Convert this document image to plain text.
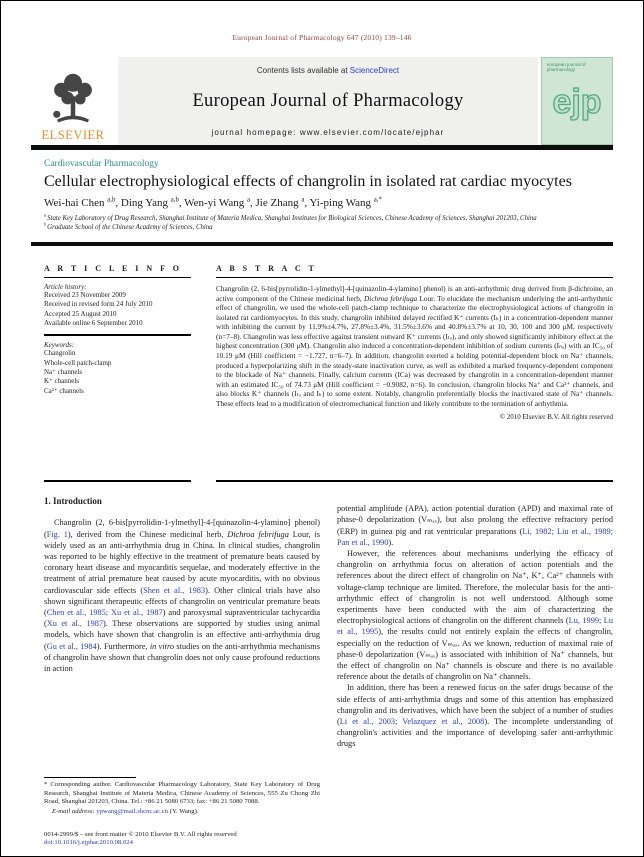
European Journal of Pharmacology 647 (2010) 139–146
ELSEVIER
Contents lists available at ScienceDirect
European Journal of Pharmacology
journal homepage: www.elsevier.com/locate/ejphar
european journal of pharmacology
ejp
Cardiovascular Pharmacology
Cellular electrophysiological effects of changrolin in isolated rat cardiac myocytes
Wei-hai Chen $^{a,b}$, Ding Yang $^{a,b}$, Wen-yi Wang $^a$, Jie Zhang $^a$, Yi-ping Wang $^{a,*}$
$^a$ State Key Laboratory of Drug Research, Shanghai Institute of Materia Medica, Shanghai Institutes for Biological Sciences, Chinese Academy of Sciences, Shanghai 201203, China
$^b$ Graduate School of the Chinese Academy of Sciences, China
A R T I C L E I N F O
Article history:
Received 23 November 2009
Received in revised form 24 July 2010
Accepted 25 August 2010
Available online 6 September 2010
Keywords:
Changrolin
Whole-cell patch-clamp
Na⁺ channels
K⁺ channels
Ca²⁺ channels
A B S T R A C T
Changrolin (2, 6-bis[pyrrolidin-1-ylmethyl]-4-[quinazolin-4-ylamino] phenol) is an anti-arrhythmic drug derived from β-dichroine, an active component of the Chinese medicinal herb, Dichroa febrifuga Lour. To elucidate the mechanism underlying the anti-arrhythmic effect of changrolin, we used the whole-cell patch-clamp technique to characterize the electrophysiological actions of changrolin in isolated rat cardiomyocytes. In this study, changrolin inhibited delayed rectified K⁺ currents (Iₖ) in a concentration-dependent manner with inhibiting the current by 11.9%±4.7%, 27.8%±3.4%, 31.5%±3.6% and 40.8%±3.7% at 10, 30, 100 and 300 μM, respectively (n=7–8). Changrolin was less effective against transient outward K⁺ currents (Iₜₒ), and only showed significantly inhibitory effect at the highest concentration (300 μM). Changrolin also induced a concentration-dependent inhibition of sodium currents (Iₙₐ) with an IC₅₀ of 10.19 μM (Hill coefficient = −1.727, n=6–7). In addition, changrolin exerted a holding potential-dependent block on Na⁺ channels, produced a hyperpolarizing shift in the steady-state inactivation curve, as well as exhibited a marked frequency-dependent component to the blockade of Na⁺ channels. Finally, calcium currents (ICa) was decreased by changrolin in a concentration-dependent manner with an estimated IC₅₀ of 74.73 μM (Hill coefficient = −0.9082, n=6). In conclusion, changrolin blocks Na⁺ and Ca²⁺ channels, and also blocks K⁺ channels (Iₜₒ and Iₖ) to some extent. Notably, changrolin preferentially blocks the inactivated state of Na⁺ channels. These effects lead to a modification of electromechanical function and likely contribute to the termination of arrhythmia.
© 2010 Elsevier B.V. All rights reserved
1. Introduction
Changrolin (2, 6-bis[pyrrolidin-1-ylmethyl]-4-[quinazolin-4-ylamino] phenol) (Fig. 1), derived from the Chinese medicinal herb, Dichroa febrifuga Lour, is widely used as an anti-arrhythmia drug in China. In clinical studies, changrolin was reported to be highly effective in the treatment of premature beats caused by coronary heart disease and myocarditis sequelae, and moderately effective in the treatment of atrial premature beat caused by acute myocarditis, with no obvious cardiovascular side effects (Shen et al., 1983). Other clinical trials have also shown significant therapeutic effects of changrolin on ventricular premature beats (Chen et al., 1985; Xu et al., 1987) and paroxysmal supraventricular tachycardia (Xu et al., 1987). These observations are supported by studies using animal models, which have shown that changrolin is an effective anti-arrhythmia drug (Gu et al., 1984). Furthermore, in vitro studies on the anti-arrhythmia mechanisms of changrolin have shown that changrolin does not only cause profound reductions in action
* Corresponding author. Cardiovascular Pharmacology Laboratory, State Key Laboratory of Drug Research, Shanghai Institute of Materia Medica, Chinese Academy of Sciences, 555 Zu Chong Zhi Road, Shanghai 201203, China. Tel.: +86 21 5080 6733; fax: +86 21 5080 7088.
E-mail address: ypwang@mail.shcnc.ac.cn (Y. Wang).
0014-2999/$ – see front matter © 2010 Elsevier B.V. All rights reserved
doi:10.1016/j.ejphar.2010.08.024
potential amplitude (APA), action potential duration (APD) and maximal rate of phase-0 depolarization (Vₘₐₓ), but also prolong the effective refractory period (ERP) in guinea pig and rat ventricular preparations (Li, 1982; Liu et al., 1989; Pan et al., 1990).
However, the references about mechanisms underlying the efficacy of changrolin on arrhythmia focus on alteration of action potentials and the references about the direct effect of changrolin on Na⁺, K⁺, Ca²⁺ channels with voltage-clamp technique are limited. Therefore, the molecular basis for the anti-arrhythmic effect of changrolin is not well understood. Although some experiments have been conducted with the aim of characterizing the electrophysiological actions of changrolin on the different channels (Lu, 1999; Lu et al., 1995), the results could not entirely explain the effects of changrolin, especially on the reduction of Vₘₐₓ. As we known, reduction of maximal rate of phase-0 depolarization (Vₘₐₓ) is associated with inhibition of Na⁺ channels, but the effect of changrolin on Na⁺ channels is obscure and there is no available reference about the details of changrolin on Na⁺ channels.
In addition, there has been a renewed focus on the safer drugs because of the side effects of anti-arrhythmia drugs and some of this attention has emphasized changrolin and its derivatives, which have been the subject of a number of studies (Li et al., 2003; Velazquez et al., 2008). The incomplete understanding of changrolin's activities and the importance of developing safer anti-arrhythmic drugs
